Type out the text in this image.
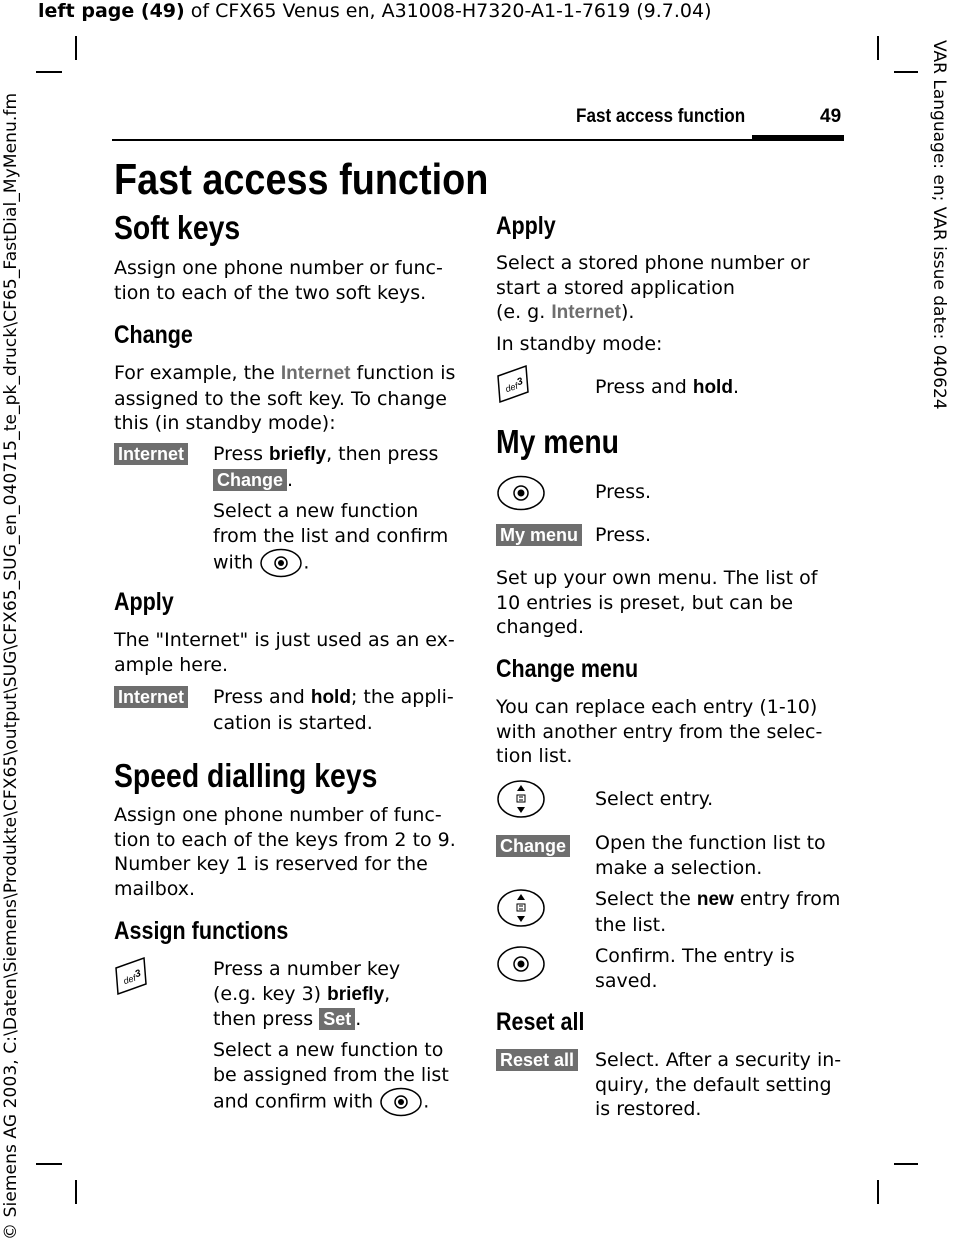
left page (49) of CFX65 Venus en, A31008-H7320-A1-1-7619 (9.7.04)
© Siemens AG 2003, C:\Daten\Siemens\Produkte\CFX65\output\SUG\CFX65_SUG_en_040715_te_pk_druck\CF65_FastDial_MyMenu.fm	VAR Language: en; VAR issue date: 040624
Fast access function	49
Fast access function
Soft keys

Assign one phone number or func-
tion to each of the two soft keys.

Change

For example, the Internet function is
assigned to the soft key. To change
this (in standby mode):

Internet Press briefly, then press
Change .

Select a new function
from the list and confirm
with	.

Apply

The "Internet" is just used as an ex-
ample here.

Internet Press and hold; the appli-
cation is started.

Speed dialling keys

Assign one phone number of func-
tion to each of the keys from 2 to 9.
Number key 1 is reserved for the
mailbox.

Assign functions
def
3	Press a number key
(e.g. key 3) briefly,
then press Set .

Select a new function to
be assigned from the list
and confirm with	.

Apply

Select a stored phone number or
start a stored application
(e. g. Internet).

In standby mode:

def
3	Press and hold.

My menu

Press.

My menu Press.

Set up your own menu. The list of
10 entries is preset, but can be
changed.

Change menu

You can replace each entry (1-10)
with another entry from the selec-
tion list.

Select entry.

Change Open the function list to
make a selection.

Select the new entry from
the list.

Confirm. The entry is
saved.

Reset all
Reset all Select. After a security in-
quiry, the default setting
is restored.
